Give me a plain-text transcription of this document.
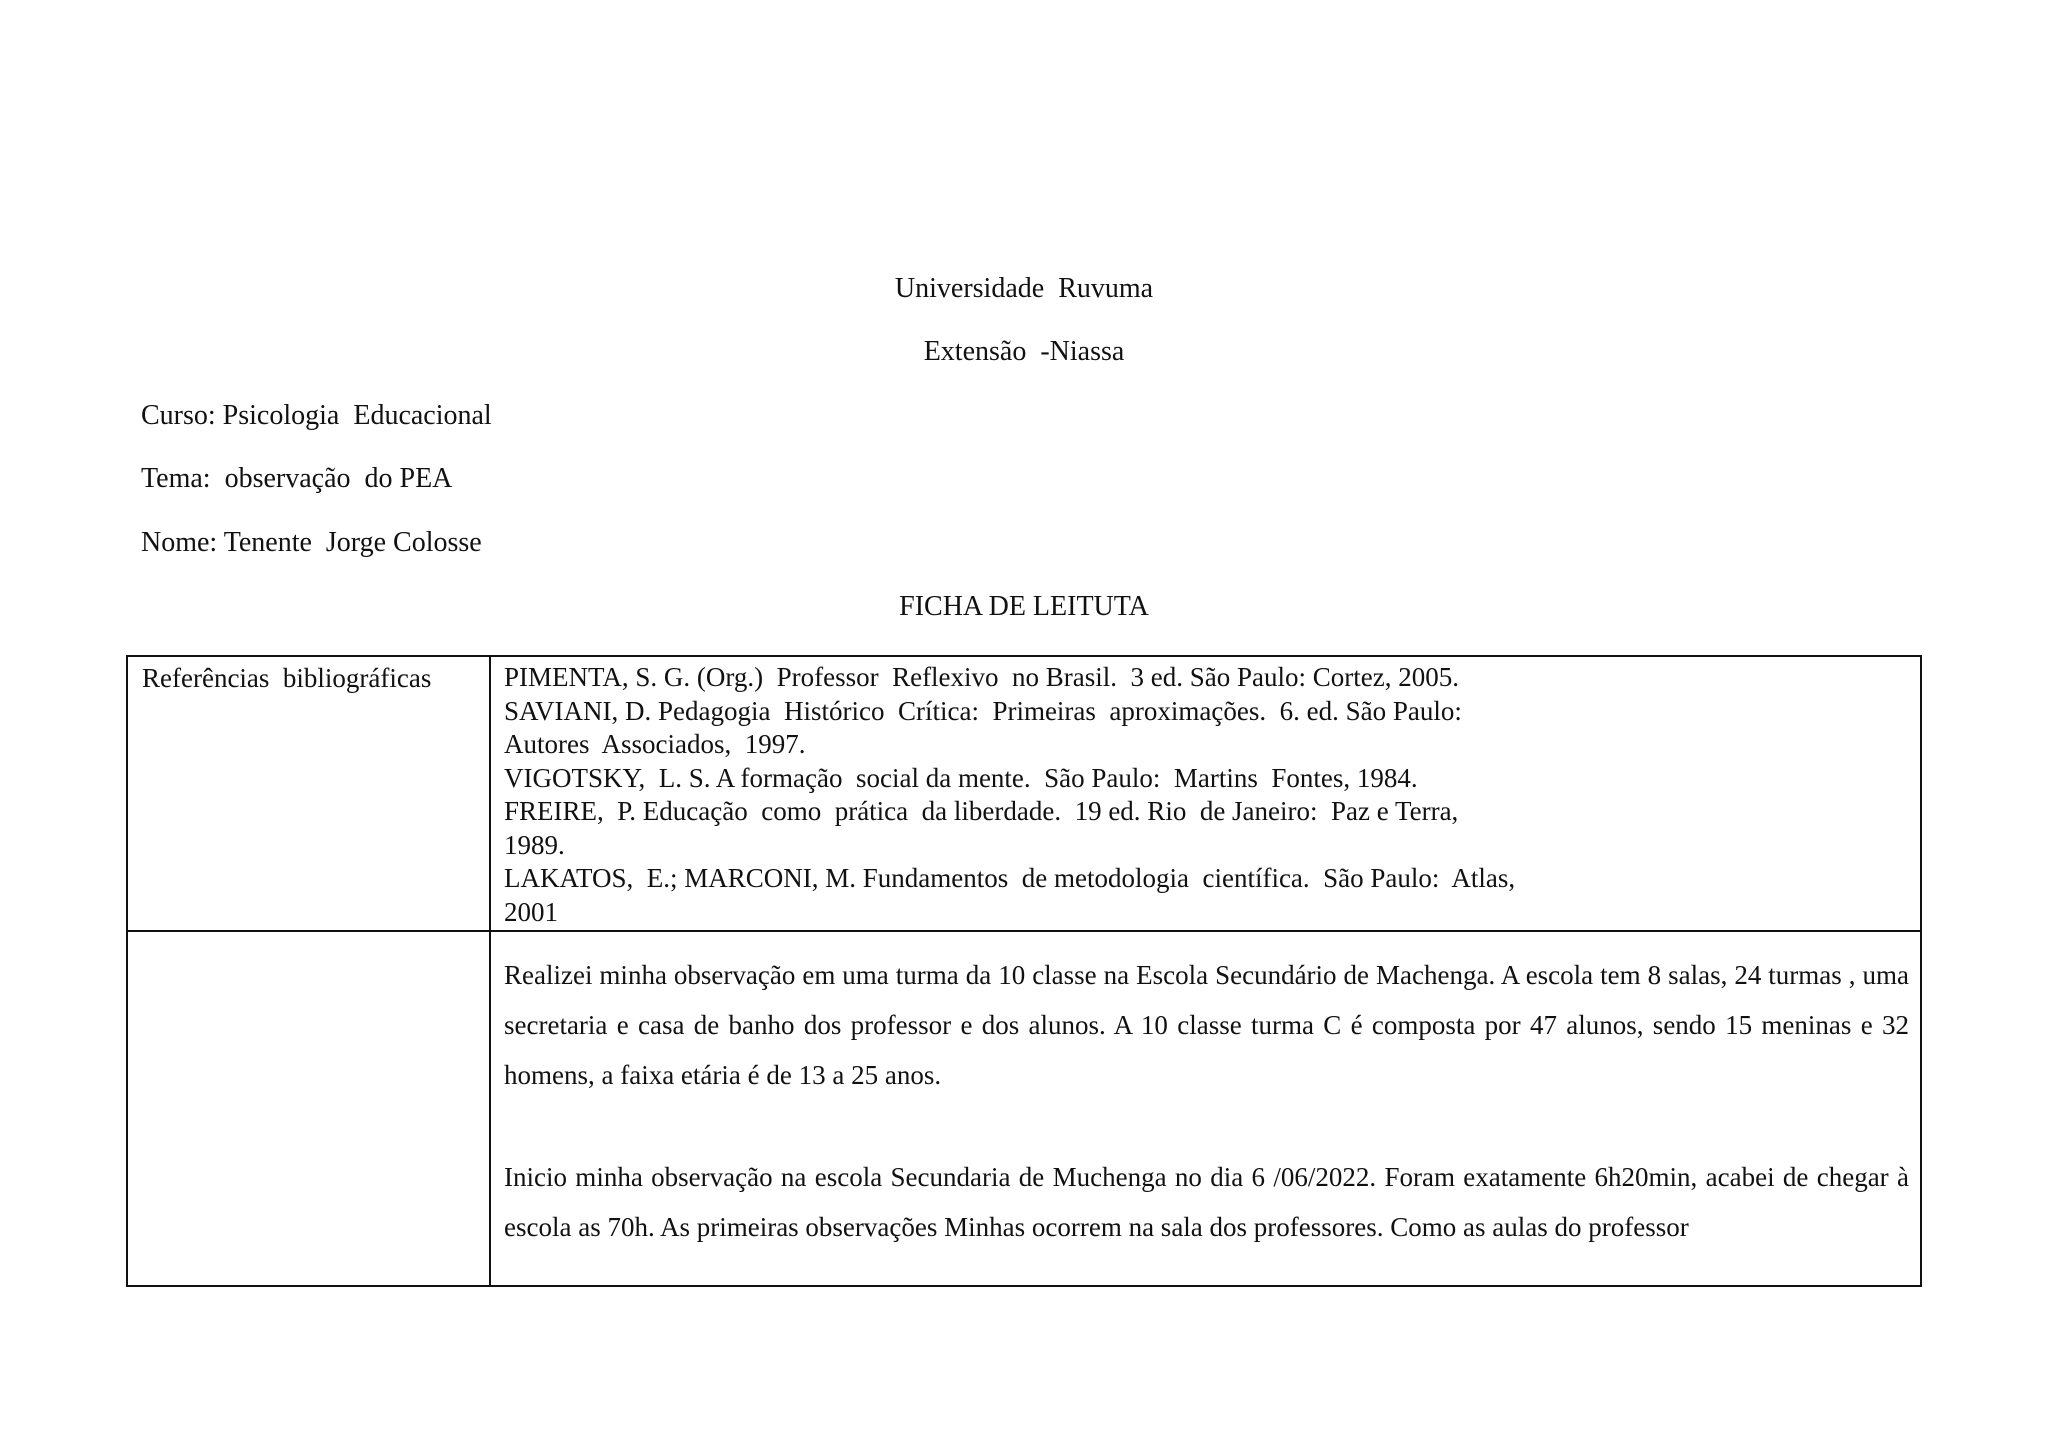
Universidade  Ruvuma
Extensão  -Niassa
Curso: Psicologia  Educacional
Tema:  observação  do PEA
Nome: Tenente  Jorge Colosse
FICHA DE LEITUTA
Referências  bibliográficas	PIMENTA, S. G. (Org.)  Professor  Reflexivo  no Brasil.  3 ed. São Paulo: Cortez, 2005.
SAVIANI, D. Pedagogia  Histórico  Crítica:  Primeiras  aproximações.  6. ed. São Paulo:
Autores  Associados,  1997.
VIGOTSKY,  L. S. A formação  social da mente.  São Paulo:  Martins  Fontes, 1984.
FREIRE,  P. Educação  como  prática  da liberdade.  19 ed. Rio  de Janeiro:  Paz e Terra,
1989.
LAKATOS,  E.; MARCONI, M. Fundamentos  de metodologia  científica.  São Paulo:  Atlas,
2001

Realizei minha observação em uma turma da 10 classe na Escola Secundário de Machenga. A escola tem 8 salas, 24 turmas , uma secretaria e casa de banho dos professor e dos alunos. A 10 classe turma C é composta por 47 alunos, sendo 15 meninas e 32 homens, a faixa etária é de 13 a 25 anos.

Inicio minha observação na escola Secundaria de Muchenga no dia 6 /06/2022. Foram exatamente 6h20min, acabei de chegar à escola as 70h. As primeiras observações Minhas ocorrem na sala dos professores. Como as aulas do professor
